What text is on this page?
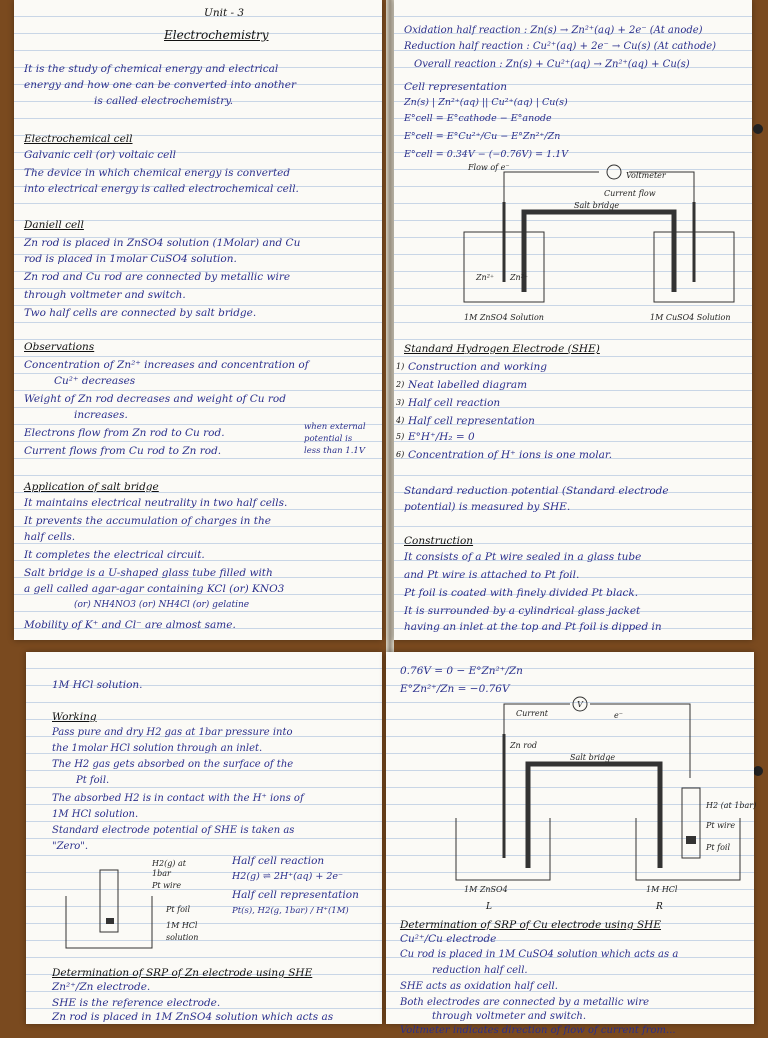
Unit - 3
Electrochemistry
It is the study of chemical energy and electrical
energy and how one can be converted into another
is called electrochemistry.
Electrochemical cell
Galvanic cell (or) voltaic cell
The device in which chemical energy is converted
into electrical energy is called electrochemical cell.
Daniell cell
Zn rod is placed in ZnSO4 solution (1Molar) and Cu
rod is placed in 1molar CuSO4 solution.
Zn rod and Cu rod are connected by metallic wire
through voltmeter and switch.
Two half cells are connected by salt bridge.
Observations
Concentration of Zn²⁺ increases and concentration of
Cu²⁺ decreases
Weight of Zn rod decreases and weight of Cu rod
increases.
Electrons flow from Zn rod to Cu rod.
Current flows from Cu rod to Zn rod.
when external
potential is
less than 1.1V
Application of salt bridge
It maintains electrical neutrality in two half cells.
It prevents the accumulation of charges in the
half cells.
It completes the electrical circuit.
Salt bridge is a U-shaped glass tube filled with
a gell called agar-agar containing KCl (or) KNO3
(or) NH4NO3 (or) NH4Cl (or) gelatine
Mobility of K⁺ and Cl⁻ are almost same.
Oxidation half reaction : Zn(s) → Zn²⁺(aq) + 2e⁻ (At anode)
Reduction half reaction : Cu²⁺(aq) + 2e⁻ → Cu(s) (At cathode)
Overall reaction : Zn(s) + Cu²⁺(aq) → Zn²⁺(aq) + Cu(s)
Cell representation
Zn(s) | Zn²⁺(aq) || Cu²⁺(aq) | Cu(s)
E°cell = E°cathode − E°anode
E°cell = E°Cu²⁺/Cu − E°Zn²⁺/Zn
E°cell = 0.34V − (−0.76V) = 1.1V
Flow of e⁻
Voltmeter
Current flow
Salt bridge
Zn²⁺ Zn²⁺
1M ZnSO4 Solution	1M CuSO4 Solution
Standard Hydrogen Electrode (SHE)
1) Construction and working
2) Neat labelled diagram
3) Half cell reaction
4) Half cell representation
5) E°H⁺/H₂ = 0
6) Concentration of H⁺ ions is one molar.
Standard reduction potential (Standard electrode
potential) is measured by SHE.
Construction
It consists of a Pt wire sealed in a glass tube
and Pt wire is attached to Pt foil.
Pt foil is coated with finely divided Pt black.
It is surrounded by a cylindrical glass jacket
having an inlet at the top and Pt foil is dipped in
1M HCl solution.
Working
Pass pure and dry H2 gas at 1bar pressure into
the 1molar HCl solution through an inlet.
The H2 gas gets absorbed on the surface of the
Pt foil.
The absorbed H2 is in contact with the H⁺ ions of
1M HCl solution.
Standard electrode potential of SHE is taken as
"Zero".
H2(g) at
1bar
Pt wire
Pt foil
1M HCl
solution
Half cell reaction
H2(g) ⇌ 2H⁺(aq) + 2e⁻
Half cell representation
Pt(s), H2(g, 1bar) / H⁺(1M)
Determination of SRP of Zn electrode using SHE
Zn²⁺/Zn electrode.
SHE is the reference electrode.
Zn rod is placed in 1M ZnSO4 solution which acts as
0.76V = 0 − E°Zn²⁺/Zn
E°Zn²⁺/Zn = −0.76V
V
Current	e⁻
Zn rod
Salt bridge
H2 (at 1bar)
Pt wire
Pt foil
1M ZnSO4	1M HCl
L	R
Determination of SRP of Cu electrode using SHE
Cu²⁺/Cu electrode
Cu rod is placed in 1M CuSO4 solution which acts as a
reduction half cell.
SHE acts as oxidation half cell.
Both electrodes are connected by a metallic wire
through voltmeter and switch.
Voltmeter indicates direction of flow of current from...
